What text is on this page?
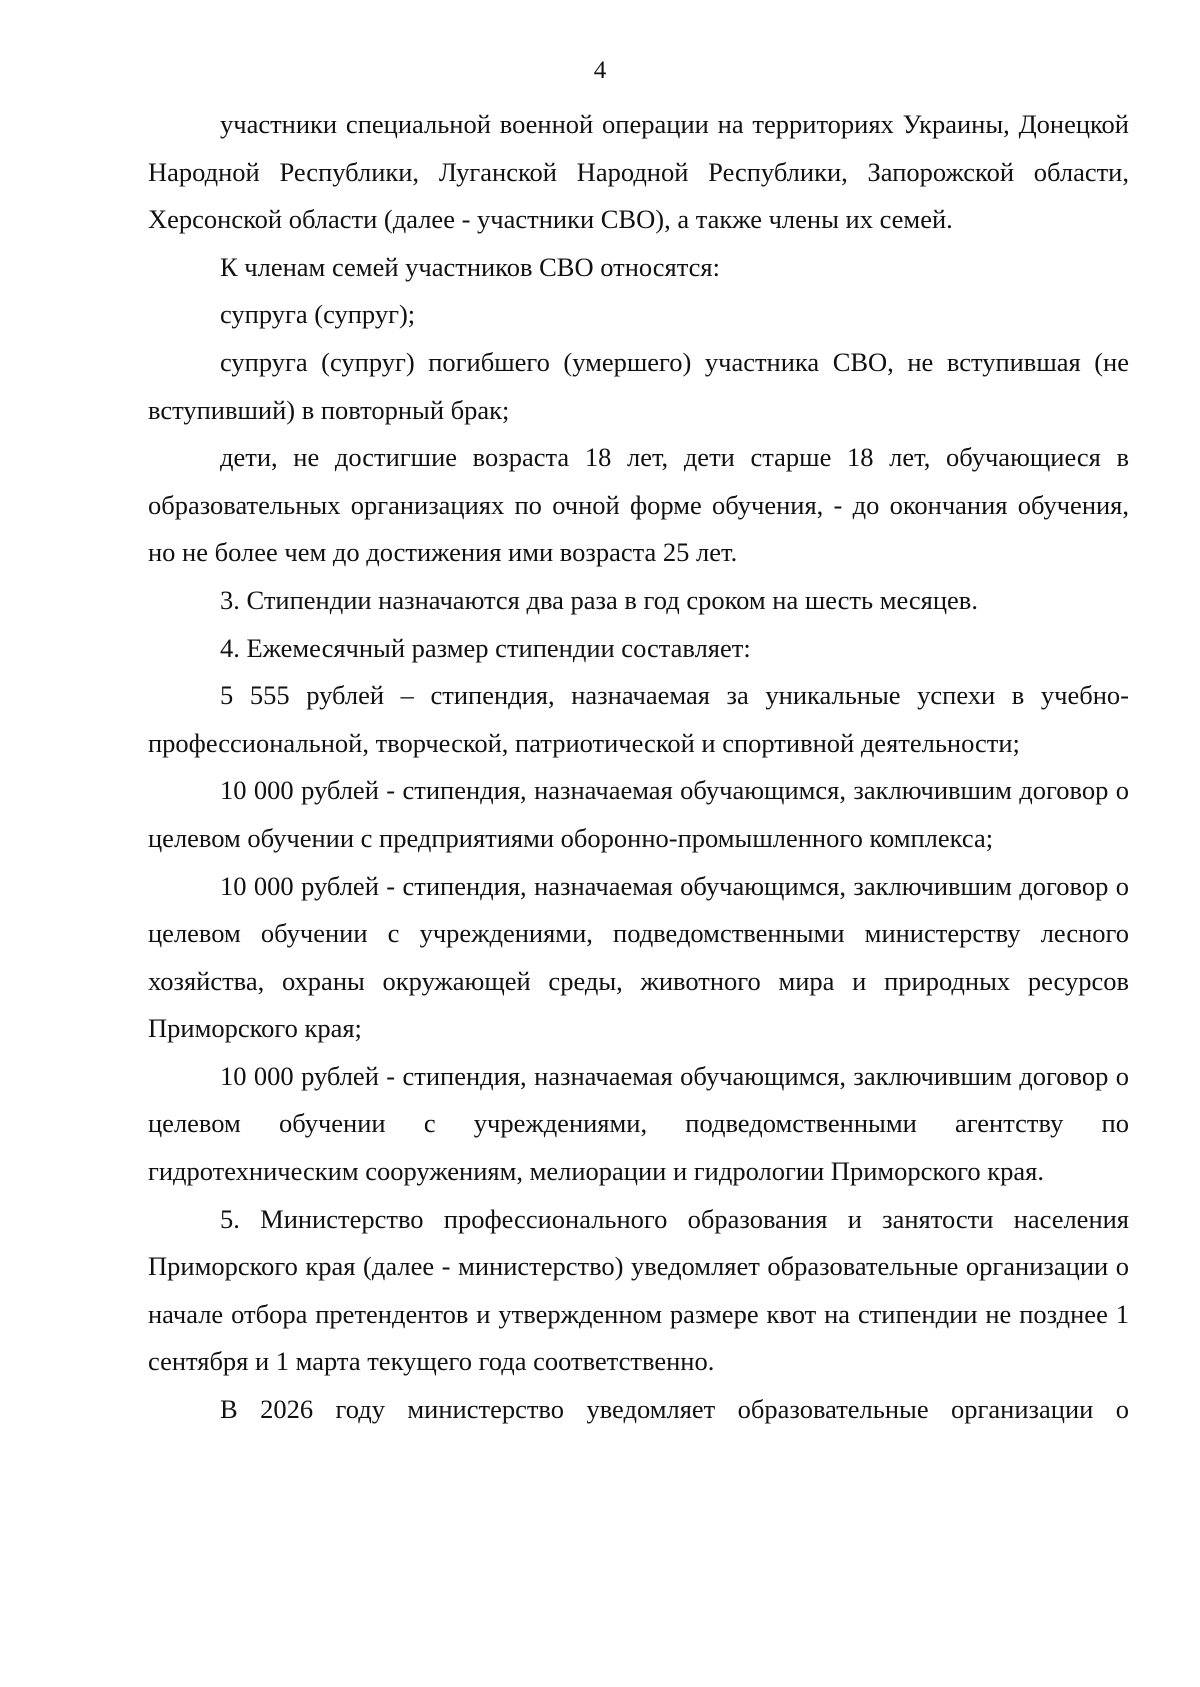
4

участники специальной военной операции на территориях Украины, Донецкой Народной Республики, Луганской Народной Республики, Запорожской области, Херсонской области (далее - участники СВО), а также члены их семей.

К членам семей участников СВО относятся:

супруга (супруг);

супруга (супруг) погибшего (умершего) участника СВО, не вступившая (не вступивший) в повторный брак;

дети, не достигшие возраста 18 лет, дети старше 18 лет, обучающиеся в образовательных организациях по очной форме обучения, - до окончания обучения, но не более чем до достижения ими возраста 25 лет.

3. Стипендии назначаются два раза в год сроком на шесть месяцев.

4. Ежемесячный размер стипендии составляет:

5 555 рублей – стипендия, назначаемая за уникальные успехи в учебно-профессиональной, творческой, патриотической и спортивной деятельности;

10 000 рублей - стипендия, назначаемая обучающимся, заключившим договор о целевом обучении с предприятиями оборонно-промышленного комплекса;

10 000 рублей - стипендия, назначаемая обучающимся, заключившим договор о целевом обучении с учреждениями, подведомственными министерству лесного хозяйства, охраны окружающей среды, животного мира и природных ресурсов Приморского края;

10 000 рублей - стипендия, назначаемая обучающимся, заключившим договор о целевом обучении с учреждениями, подведомственными агентству по гидротехническим сооружениям, мелиорации и гидрологии Приморского края.

5. Министерство профессионального образования и занятости населения Приморского края (далее - министерство) уведомляет образовательные организации о начале отбора претендентов и утвержденном размере квот на стипендии не позднее 1 сентября и 1 марта текущего года соответственно.

В 2026 году министерство уведомляет образовательные организации о
